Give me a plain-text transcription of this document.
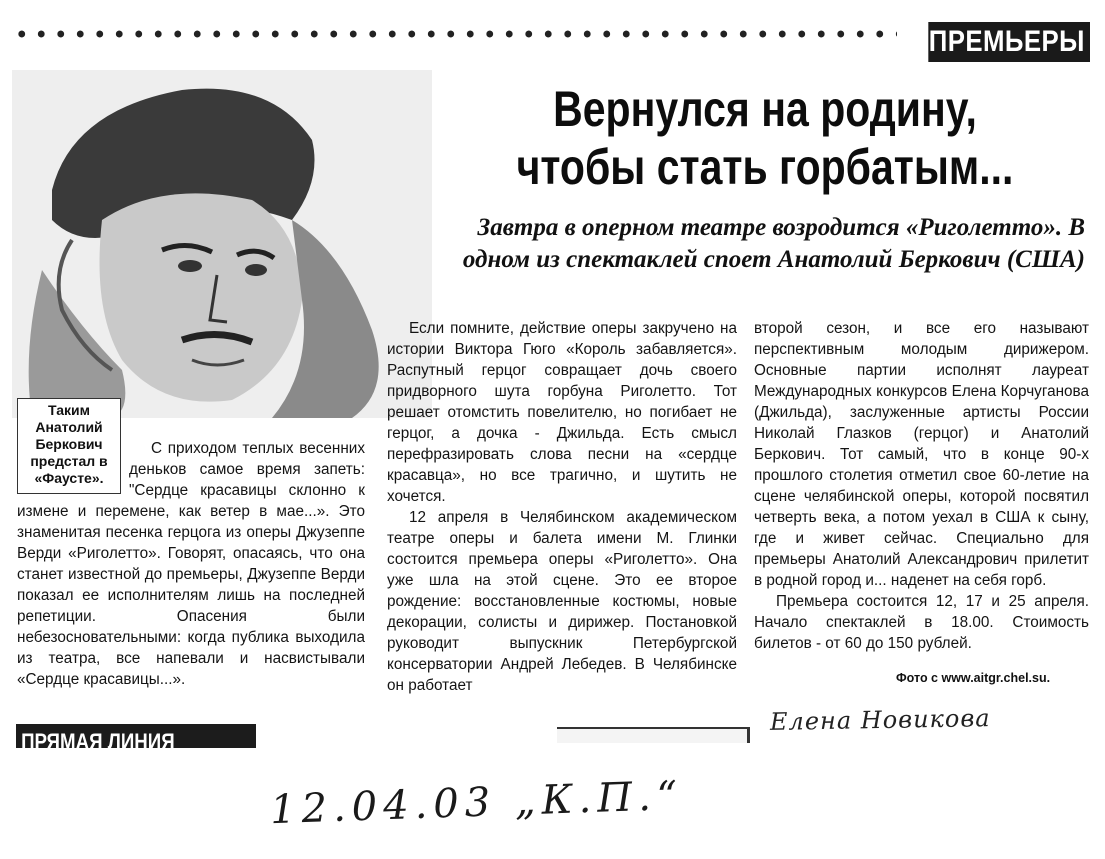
ПРЕМЬЕРЫ
Таким Анатолий Беркович предстал в «Фаусте».
Вернулся на родину, чтобы стать горбатым...
Завтра в оперном театре возродится «Риголетто». В одном из спектаклей споет Анатолий Беркович (США)

С приходом теплых весенних деньков самое время запеть: "Сердце красавицы склонно к измене и перемене, как ветер в мае...». Это знаменитая песенка герцога из оперы Джузеппе Верди «Риголетто». Говорят, опасаясь, что она станет известной до премьеры, Джузеппе Верди показал ее исполнителям лишь на последней репетиции. Опасения были небезосновательными: когда публика выходила из театра, все напевали и насвистывали «Сердце красавицы...».

Если помните, действие оперы закручено на истории Виктора Гюго «Король забавляется». Распутный герцог совращает дочь своего придворного шута горбуна Риголетто. Тот решает отомстить повелителю, но погибает не герцог, а дочка - Джильда. Есть смысл перефразировать слова песни на «сердце красавца», но все трагично, и шутить не хочется.

12 апреля в Челябинском академическом театре оперы и балета имени М. Глинки состоится премьера оперы «Риголетто». Она уже шла на этой сцене. Это ее второе рождение: восстановленные костюмы, новые декорации, солисты и дирижер. Постановкой руководит выпускник Петербургской консерватории Андрей Лебедев. В Челябинске он работает

второй сезон, и все его называют перспективным молодым дирижером. Основные партии исполнят лауреат Международных конкурсов Елена Корчуганова (Джильда), заслуженные артисты России Николай Глазков (герцог) и Анатолий Беркович. Тот самый, что в конце 90-х прошлого столетия отметил свое 60-летие на сцене челябинской оперы, которой посвятил четверть века, а потом уехал в США к сыну, где и живет сейчас. Специально для премьеры Анатолий Александрович прилетит в родной город и... наденет на себя горб.

Премьера состоится 12, 17 и 25 апреля. Начало спектаклей в 18.00. Стоимость билетов - от 60 до 150 рублей.

Фото с www.aitgr.chel.su.
ПРЯМАЯ ЛИНИЯ
Елена Новикова
12.04.03 „К.П.“
